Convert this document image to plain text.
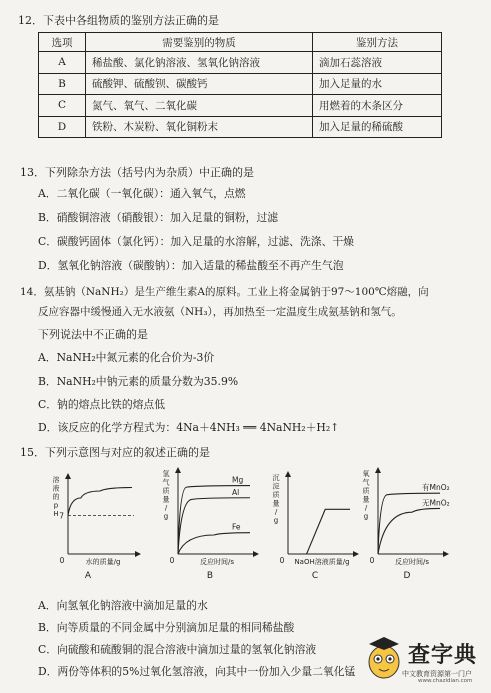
12．下表中各组物质的鉴别方法正确的是
选项	需要鉴别的物质	鉴别方法
A	稀盐酸、氯化钠溶液、氢氧化钠溶液	滴加石蕊溶液
B	硫酸钾、硫酸钡、碳酸钙	加入足量的水
C	氮气、氧气、二氧化碳	用燃着的木条区分
D	铁粉、木炭粉、氧化铜粉末	加入足量的稀硫酸
13．下列除杂方法（括号内为杂质）中正确的是
A．二氧化碳（一氧化碳）：通入氧气，点燃
B．硝酸铜溶液（硝酸银）：加入足量的铜粉，过滤
C．碳酸钙固体（氯化钙）：加入足量的水溶解，过滤、洗涤、干燥
D．氢氧化钠溶液（碳酸钠）：加入适量的稀盐酸至不再产生气泡
14．氨基钠（NaNH₂）是生产维生素A的原料。工业上将金属钠于97～100℃熔融，向
反应容器中缓慢通入无水液氨（NH₃），再加热至一定温度生成氨基钠和氢气。
下列说法中不正确的是
A．NaNH₂中氮元素的化合价为-3价
B．NaNH₂中钠元素的质量分数为35.9%
C．钠的熔点比铁的熔点低
D．该反应的化学方程式为：4Na＋4NH₃ ══ 4NaNH₂＋H₂↑
15．下列示意图与对应的叙述正确的是
0
溶
液
的
p
H
水的质量/g
A
7
0
氢
气
质
量
/
g
反应时间/s
B
Mg
Al
Fe
0
沉
淀
质
量
/
g
NaOH溶液质量/g
C
0
氧
气
质
量
/
g
反应时间/s
D
有MnO₂
无MnO₂
A．向氢氧化钠溶液中滴加足量的水
B．向等质量的不同金属中分别滴加足量的相同稀盐酸
C．向硫酸和硫酸铜的混合溶液中滴加过量的氢氧化钠溶液
D．两份等体积的5%过氧化氢溶液，向其中一份加入少量二氧化锰
查字典
中文教育资源第一门户
www.chazidian.com
